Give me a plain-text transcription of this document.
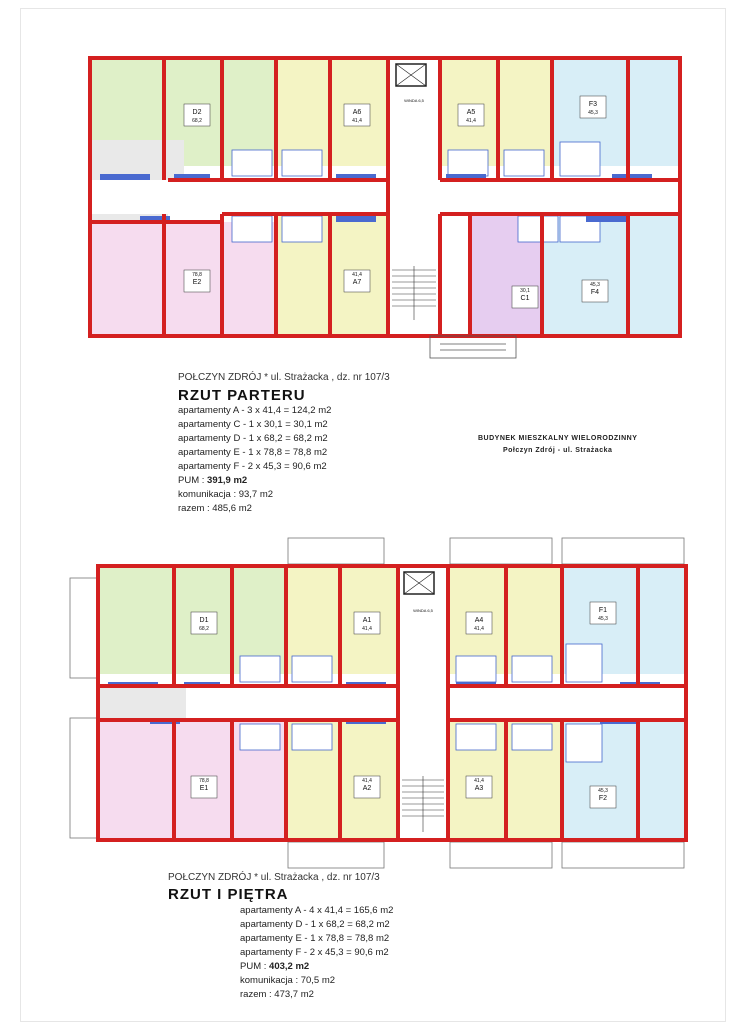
D2
68,2
A6
41,4
A5
41,4
F3
45,3
E2
78,8
A7
41,4
C1
30,1	F4
45,3
WINDA 6,5
POŁCZYN ZDRÓJ * ul. Strażacka , dz. nr 107/3
RZUT PARTERU
apartamenty A - 3 x 41,4 = 124,2 m2
apartamenty C - 1 x 30,1 = 30,1 m2
apartamenty D - 1 x 68,2 = 68,2 m2
apartamenty E - 1 x 78,8 = 78,8 m2
apartamenty F - 2 x 45,3 = 90,6 m2
PUM : 391,9 m2
komunikacja : 93,7 m2
razem : 485,6 m2
BUDYNEK MIESZKALNY WIELORODZINNY
Połczyn Zdrój - ul. Strażacka
D1
68,2
A1
41,4
A4
41,4
F1
45,3
E1
78,8
A2
41,4
A3
41,4
F2
45,3
WINDA 6,5
POŁCZYN ZDRÓJ * ul. Strażacka , dz. nr 107/3
RZUT I PIĘTRA
apartamenty A - 4 x 41,4 = 165,6 m2
apartamenty D - 1 x 68,2 = 68,2 m2
apartamenty E - 1 x 78,8 = 78,8 m2
apartamenty F - 2 x 45,3 = 90,6 m2
PUM : 403,2 m2
komunikacja : 70,5 m2
razem : 473,7 m2
